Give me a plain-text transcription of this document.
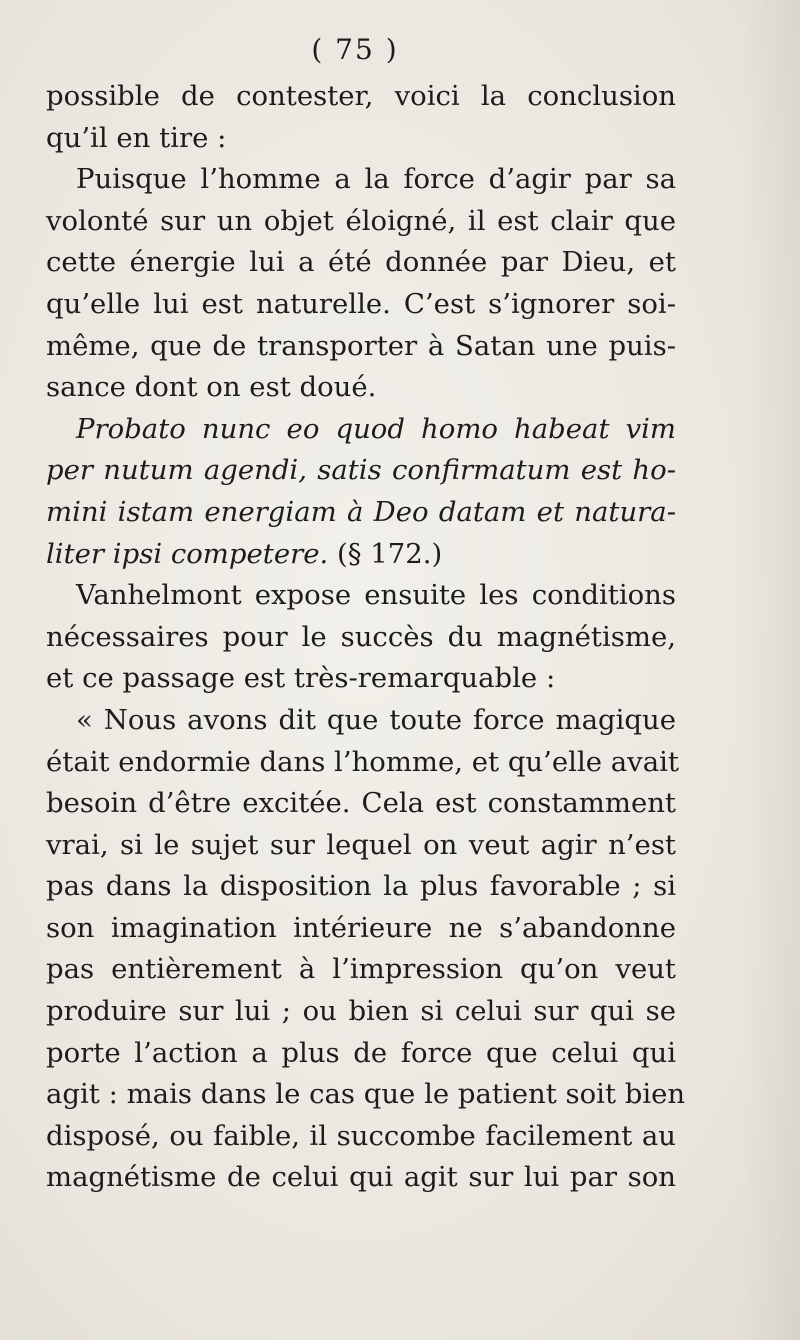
( 75 )
possible de contester, voici la conclusion
qu’il en tire :
Puisque l’homme a la force d’agir par sa
volonté sur un objet éloigné, il est clair que
cette énergie lui a été donnée par Dieu, et
qu’elle lui est naturelle. C’est s’ignorer soi-
même, que de transporter à Satan une puis-
sance dont on est doué.
Probato nunc eo quod homo habeat vim
per nutum agendi, satis confirmatum est ho-
mini istam energiam à Deo datam et natura-
liter ipsi competere. (§ 172.)
Vanhelmont expose ensuite les conditions
nécessaires pour le succès du magnétisme,
et ce passage est très-remarquable :
« Nous avons dit que toute force magique
était endormie dans l’homme, et qu’elle avait
besoin d’être excitée. Cela est constamment
vrai, si le sujet sur lequel on veut agir n’est
pas dans la disposition la plus favorable ; si
son imagination intérieure ne s’abandonne
pas entièrement à l’impression qu’on veut
produire sur lui ; ou bien si celui sur qui se
porte l’action a plus de force que celui qui
agit : mais dans le cas que le patient soit bien
disposé, ou faible, il succombe facilement au
magnétisme de celui qui agit sur lui par son
